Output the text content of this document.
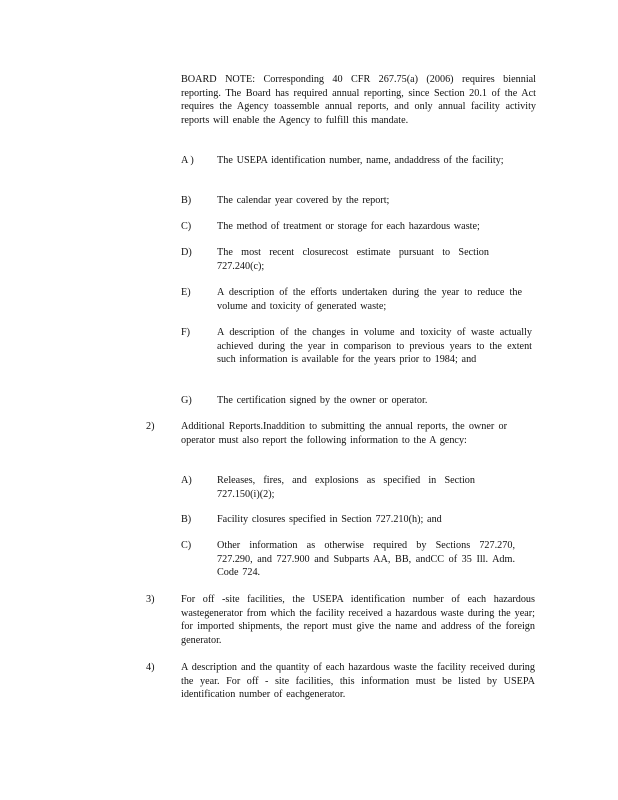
BOARD NOTE: Corresponding 40 CFR 267.75(a) (2006) requires biennial reporting. The Board has required annual reporting, since Section 20.1 of the Act requires the Agency toassemble annual reports, and only annual facility activity reports will enable the Agency to fulfill this mandate.
A ) The USEPA identification number, name, andaddress of the facility;
B)	The calendar year covered by the report;
C)	The method of treatment or storage for each hazardous waste;
D) The most recent closurecost estimate pursuant to Section 727.240(c);
E)	A description of the efforts undertaken during the year to reduce the volume and toxicity of generated waste;
F)	A description of the changes in volume and toxicity of waste actually achieved during the year in comparison to previous years to the extent such information is available for the years prior to 1984; and
G) The certification signed by the owner or operator.
2)	Additional Reports.Inaddition to submitting the annual reports, the owner or operator must also report the following information to the A gency:
A) Releases, fires, and explosions as specified in Section 727.150(i)(2);
B)	Facility closures specified in Section 727.210(h); and
C)	Other information as otherwise required by Sections 727.270, 727.290, and 727.900 and Subparts AA, BB, andCC of 35 Ill. Adm. Code 724.
3)	For off -site facilities, the USEPA identification number of each hazardous wastegenerator from which the facility received a hazardous waste during the year; for imported shipments, the report must give the name and address of the foreign generator.
4)	A description and the quantity of each hazardous waste the facility received during the year. For off - site facilities, this information must be listed by USEPA identification number of eachgenerator.
